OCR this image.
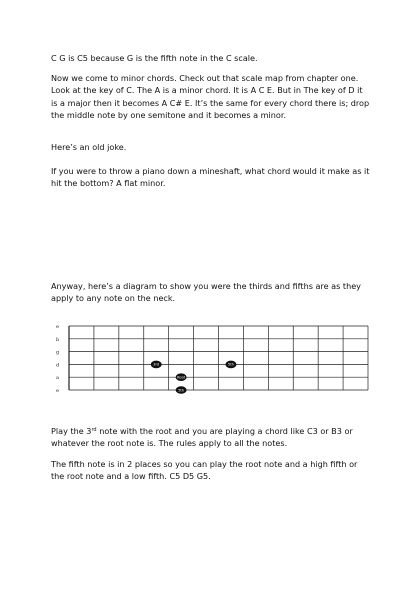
C G is C5 because G is the fifth note in the C scale.

Now we come to minor chords. Check out that scale map from chapter one. Look at the key of C. The A is a minor chord. It is A C E. But in The key of D it is a major then it becomes A C# E. It’s the same for every chord there is; drop the middle note by one semitone and it becomes a minor.

Here’s an old joke.

If you were to throw a piano down a mineshaft, what chord would it make as it hit the bottom? A flat minor.

Anyway, here’s a diagram to show you were the thirds and fifths are as they apply to any note on the neck.

e
b
g
d
a
e
3rd	5th
Root
5th

Play the 3rd note with the root and you are playing a chord like C3 or B3 or whatever the root note is. The rules apply to all the notes.

The fifth note is in 2 places so you can play the root note and a high fifth or the root note and a low fifth. C5 D5 G5.
